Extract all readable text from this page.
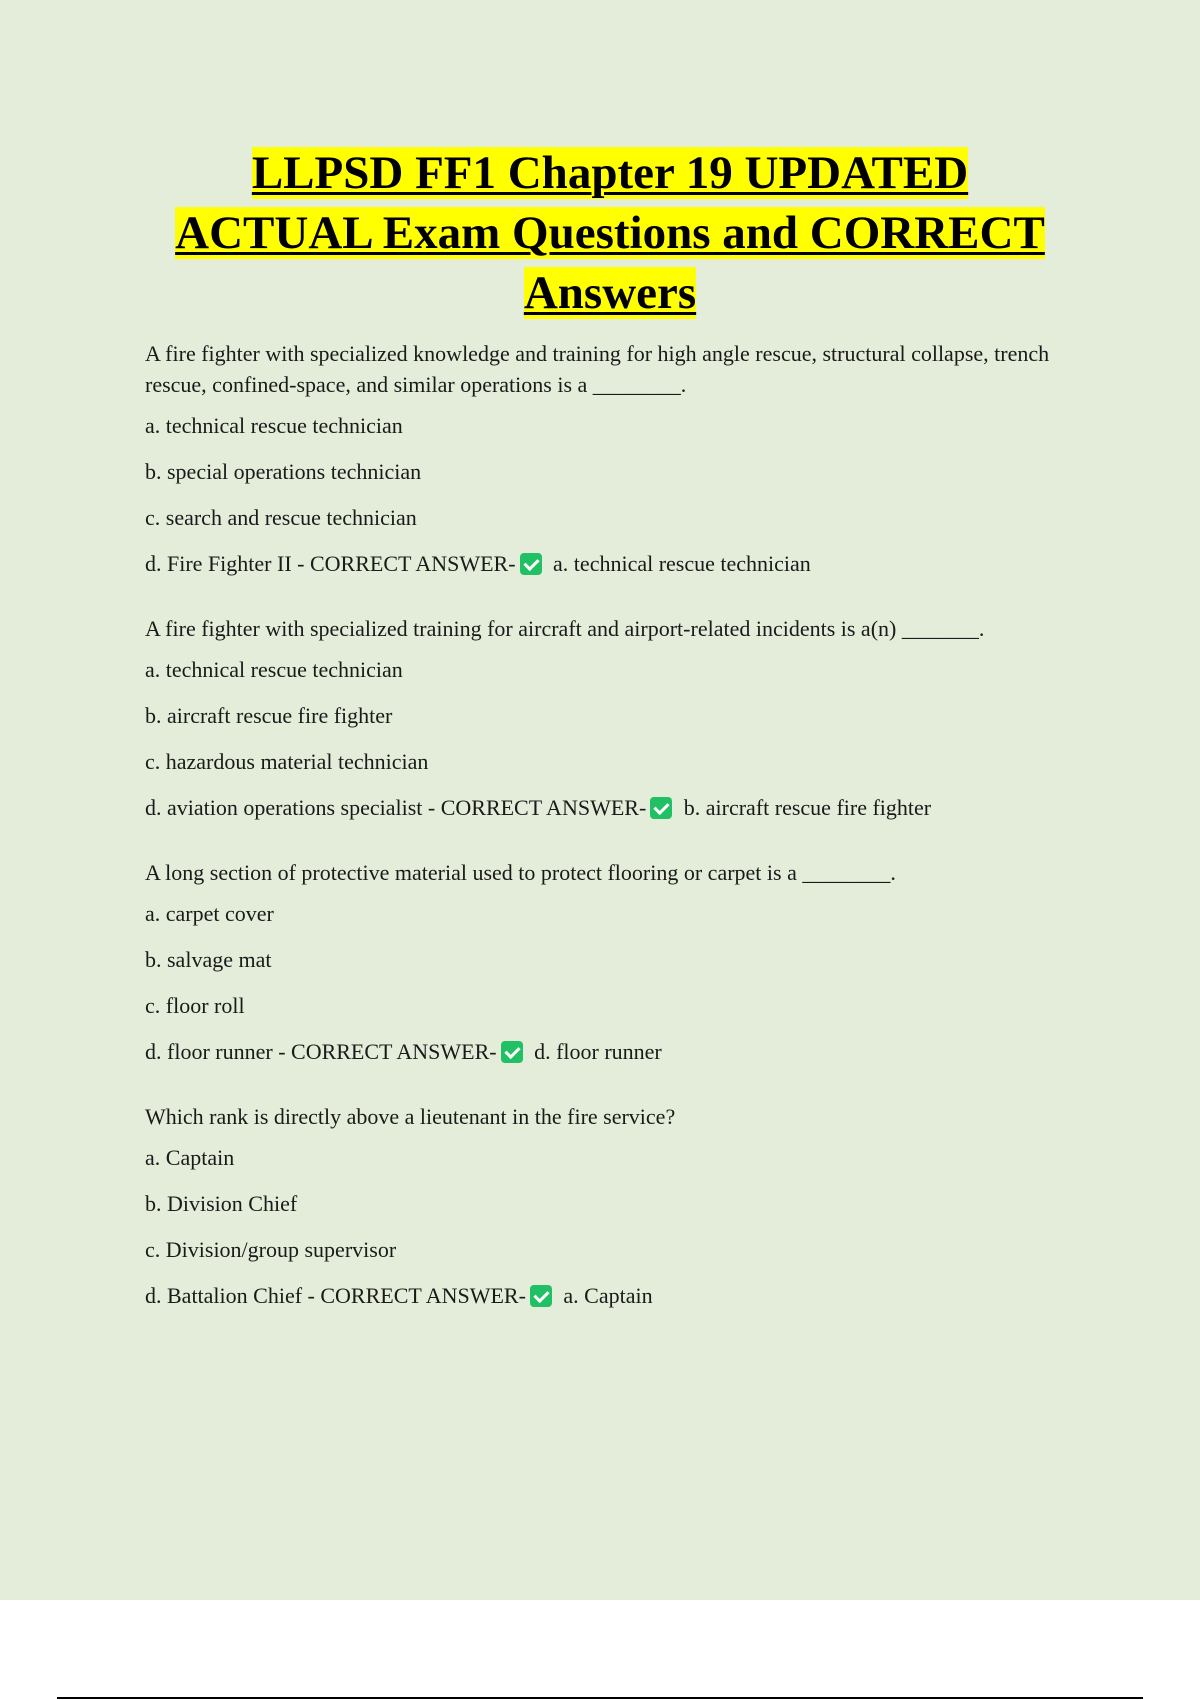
LLPSD FF1 Chapter 19 UPDATED
ACTUAL Exam Questions and CORRECT
Answers

A fire fighter with specialized knowledge and training for high angle rescue, structural collapse, trench rescue, confined-space, and similar operations is a ________.

a. technical rescue technician

b. special operations technician

c. search and rescue technician

d. Fire Fighter II - CORRECT ANSWER- a. technical rescue technician

A fire fighter with specialized training for aircraft and airport-related incidents is a(n) _______.

a. technical rescue technician

b. aircraft rescue fire fighter

c. hazardous material technician

d. aviation operations specialist - CORRECT ANSWER- b. aircraft rescue fire fighter

A long section of protective material used to protect flooring or carpet is a ________.

a. carpet cover

b. salvage mat

c. floor roll

d. floor runner - CORRECT ANSWER- d. floor runner

Which rank is directly above a lieutenant in the fire service?

a. Captain

b. Division Chief

c. Division/group supervisor

d. Battalion Chief - CORRECT ANSWER- a. Captain
